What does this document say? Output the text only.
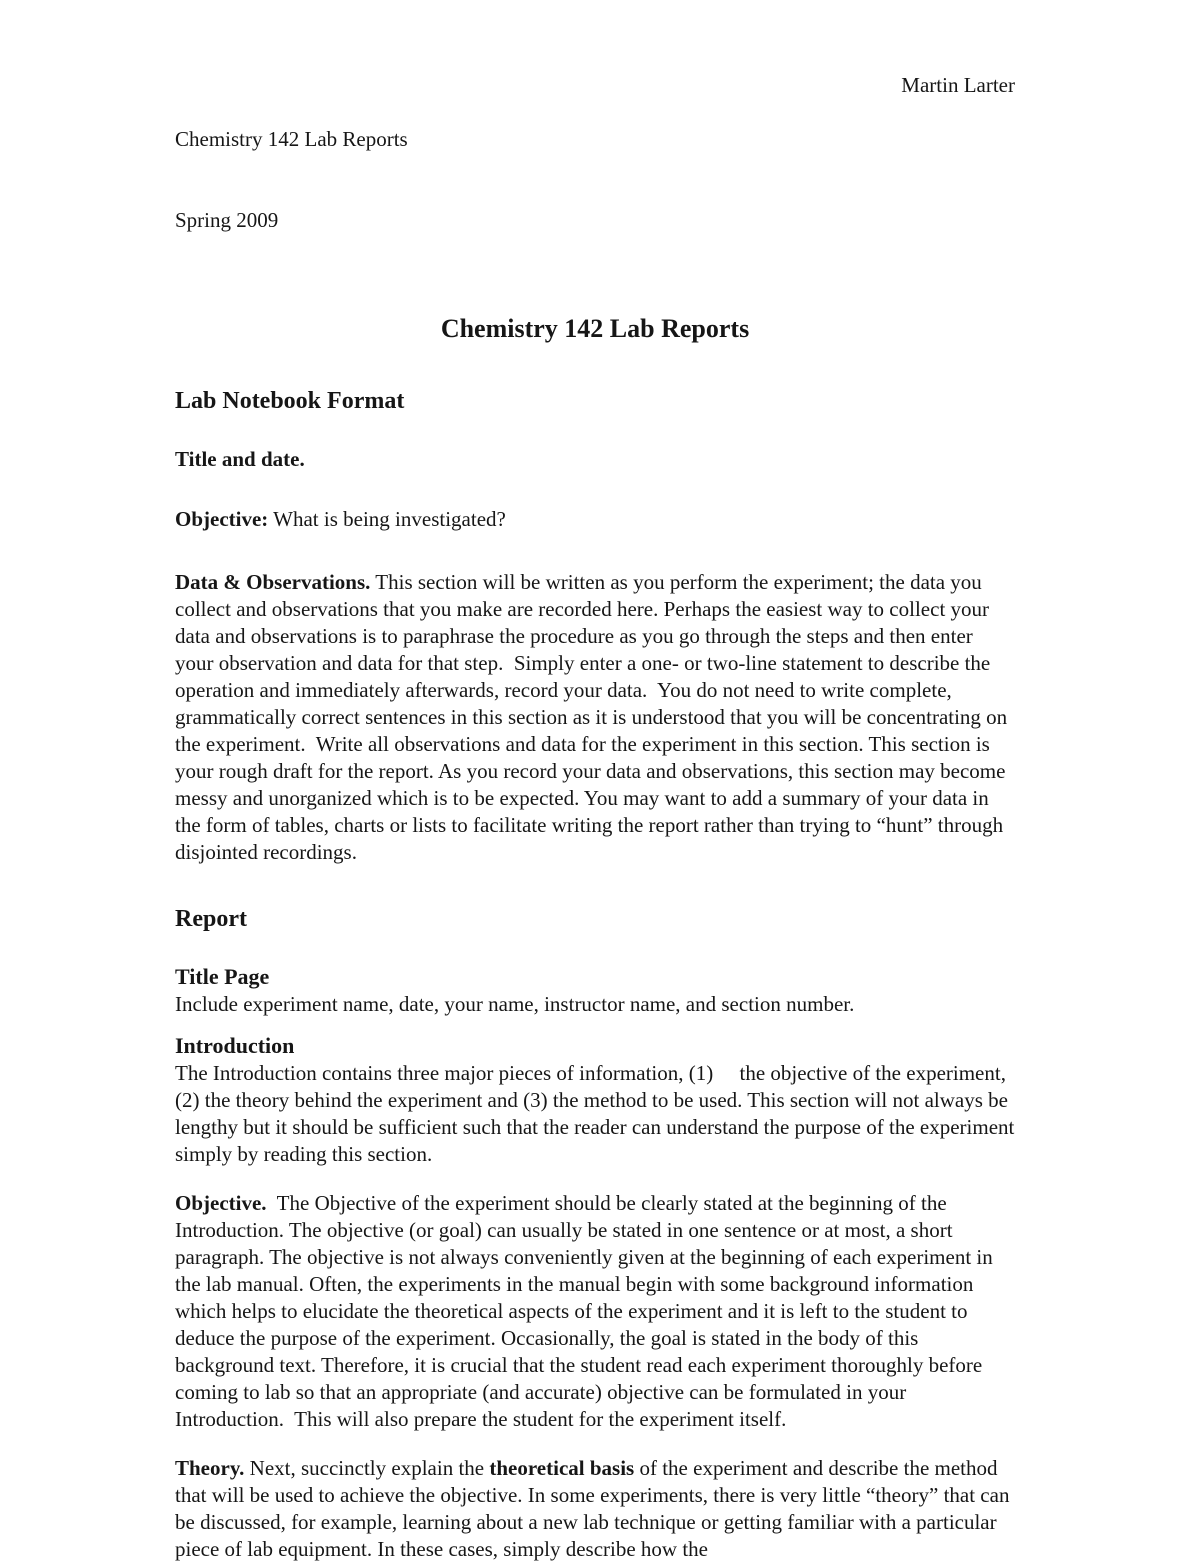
Chemistry 142 Lab Reports

Spring 2009

Martin Larter
Chemistry 142 Lab Reports
Lab Notebook Format
Title and date.

Objective: What is being investigated?

Data & Observations. This section will be written as you perform the experiment; the data you collect and observations that you make are recorded here. Perhaps the easiest way to collect your data and observations is to paraphrase the procedure as you go through the steps and then enter your observation and data for that step.  Simply enter a one- or two-line statement to describe the operation and immediately afterwards, record your data.  You do not need to write complete, grammatically correct sentences in this section as it is understood that you will be concentrating on the experiment.  Write all observations and data for the experiment in this section. This section is your rough draft for the report. As you record your data and observations, this section may become messy and unorganized which is to be expected. You may want to add a summary of your data in the form of tables, charts or lists to facilitate writing the report rather than trying to “hunt” through disjointed recordings.

Report
Title Page

Include experiment name, date, your name, instructor name, and section number.

Introduction

The Introduction contains three major pieces of information, (1)     the objective of the experiment, (2) the theory behind the experiment and (3) the method to be used. This section will not always be lengthy but it should be sufficient such that the reader can understand the purpose of the experiment simply by reading this section.

Objective.  The Objective of the experiment should be clearly stated at the beginning of the Introduction. The objective (or goal) can usually be stated in one sentence or at most, a short paragraph. The objective is not always conveniently given at the beginning of each experiment in the lab manual. Often, the experiments in the manual begin with some background information which helps to elucidate the theoretical aspects of the experiment and it is left to the student to deduce the purpose of the experiment. Occasionally, the goal is stated in the body of this background text. Therefore, it is crucial that the student read each experiment thoroughly before coming to lab so that an appropriate (and accurate) objective can be formulated in your Introduction.  This will also prepare the student for the experiment itself.

Theory. Next, succinctly explain the theoretical basis of the experiment and describe the method that will be used to achieve the objective. In some experiments, there is very little “theory” that can be discussed, for example, learning about a new lab technique or getting familiar with a particular piece of lab equipment. In these cases, simply describe how the
